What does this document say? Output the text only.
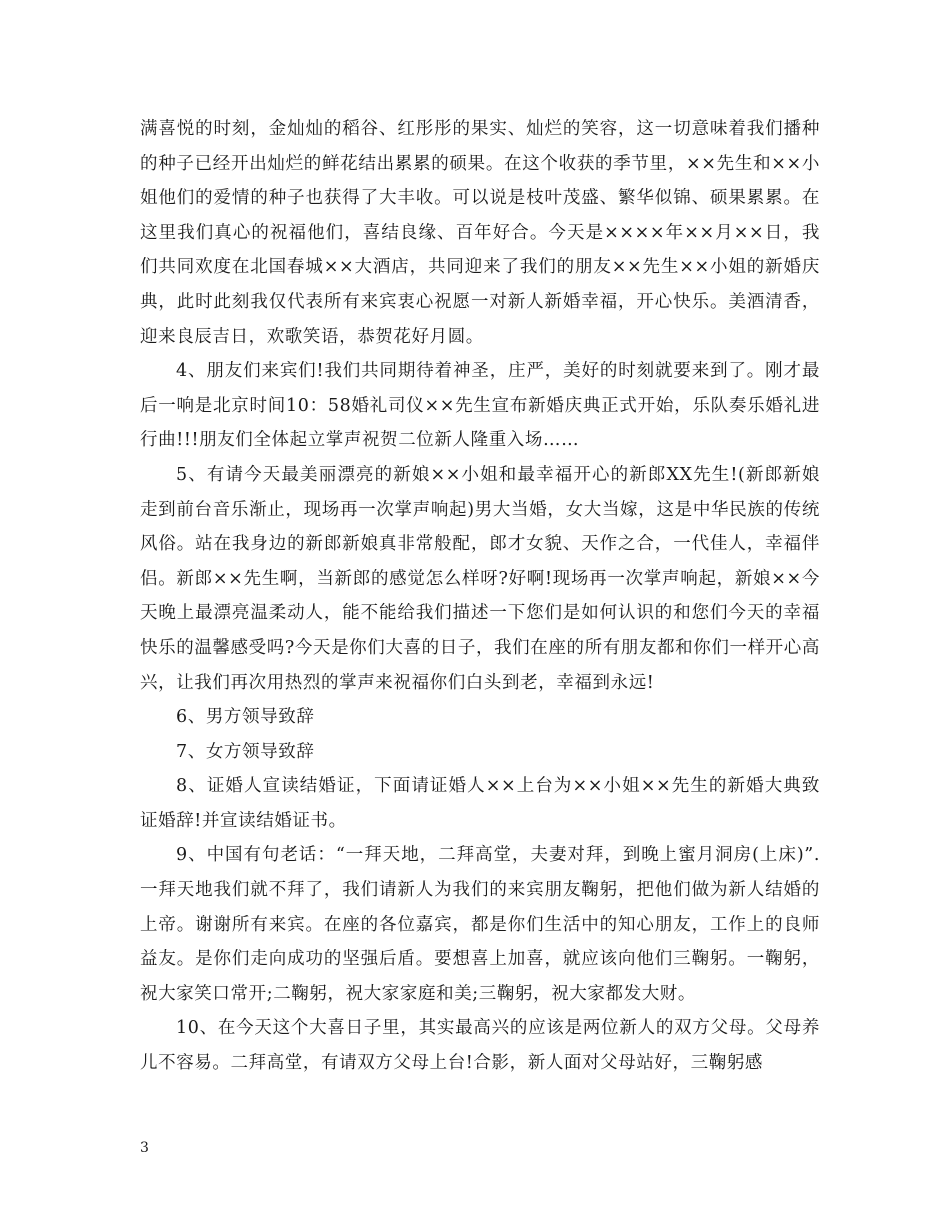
满喜悦的时刻，金灿灿的稻谷、红彤彤的果实、灿烂的笑容，这一切意味着我们播种的种子已经开出灿烂的鲜花结出累累的硕果。在这个收获的季节里，××先生和××小姐他们的爱情的种子也获得了大丰收。可以说是枝叶茂盛、繁华似锦、硕果累累。在这里我们真心的祝福他们，喜结良缘、百年好合。今天是××××年××月××日，我们共同欢度在北国春城××大酒店，共同迎来了我们的朋友××先生××小姐的新婚庆典，此时此刻我仅代表所有来宾衷心祝愿一对新人新婚幸福，开心快乐。美酒清香，迎来良辰吉日，欢歌笑语，恭贺花好月圆。

4、朋友们来宾们!我们共同期待着神圣，庄严，美好的时刻就要来到了。刚才最后一响是北京时间10：58婚礼司仪××先生宣布新婚庆典正式开始，乐队奏乐婚礼进行曲!!!朋友们全体起立掌声祝贺二位新人隆重入场……

5、有请今天最美丽漂亮的新娘××小姐和最幸福开心的新郎XX先生!(新郎新娘走到前台音乐渐止，现场再一次掌声响起)男大当婚，女大当嫁，这是中华民族的传统风俗。站在我身边的新郎新娘真非常般配，郎才女貌、天作之合，一代佳人，幸福伴侣。新郎××先生啊，当新郎的感觉怎么样呀?好啊!现场再一次掌声响起，新娘××今天晚上最漂亮温柔动人，能不能给我们描述一下您们是如何认识的和您们今天的幸福快乐的温馨感受吗?今天是你们大喜的日子，我们在座的所有朋友都和你们一样开心高兴，让我们再次用热烈的掌声来祝福你们白头到老，幸福到永远!

6、男方领导致辞

7、女方领导致辞

8、证婚人宣读结婚证，下面请证婚人××上台为××小姐××先生的新婚大典致证婚辞!并宣读结婚证书。

9、中国有句老话：“一拜天地，二拜高堂，夫妻对拜，到晚上蜜月洞房(上床)”.一拜天地我们就不拜了，我们请新人为我们的来宾朋友鞠躬，把他们做为新人结婚的上帝。谢谢所有来宾。在座的各位嘉宾，都是你们生活中的知心朋友，工作上的良师益友。是你们走向成功的坚强后盾。要想喜上加喜，就应该向他们三鞠躬。一鞠躬，祝大家笑口常开;二鞠躬，祝大家家庭和美;三鞠躬，祝大家都发大财。

10、在今天这个大喜日子里，其实最高兴的应该是两位新人的双方父母。父母养儿不容易。二拜高堂，有请双方父母上台!合影，新人面对父母站好，三鞠躬感

3
